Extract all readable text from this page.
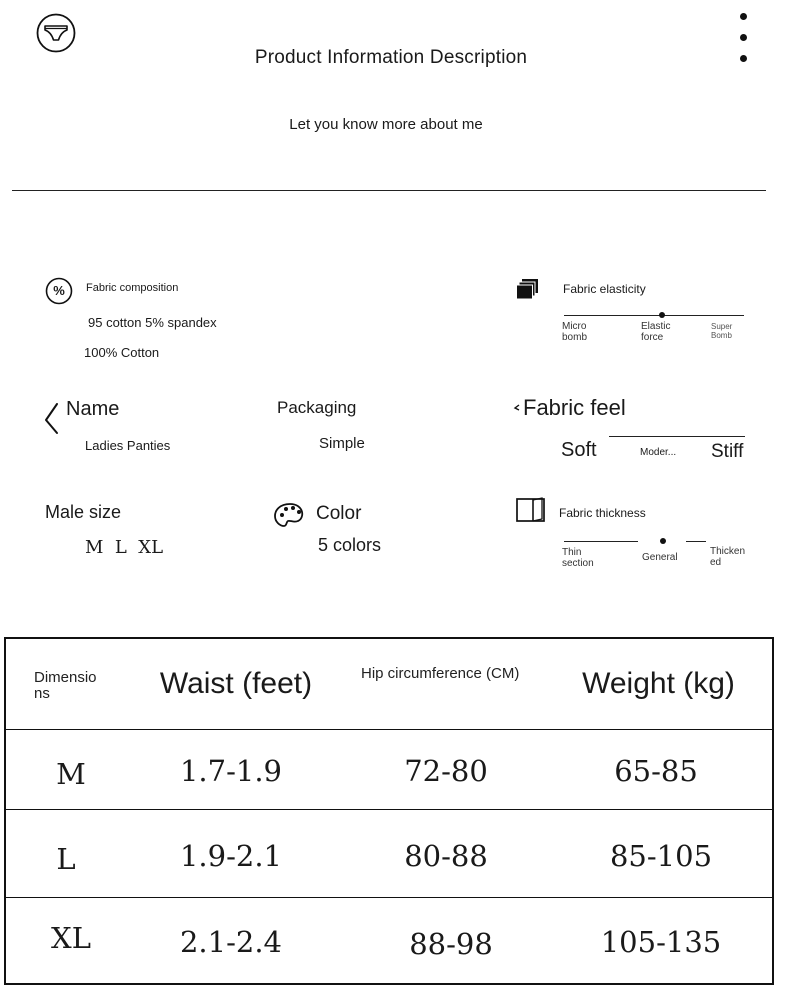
Product Information Description
Let you know more about me
%	Fabric composition
95 cotton 5% spandex
100% Cotton
Fabric elasticity
Micro bomb
Elastic force
Super Bomb
Name
Ladies Panties
Packaging
Simple
Fabric feel
Soft	Moder... Stiff
Male size
M  L  XL
Color
5 colors
Fabric thickness
Thin section
General
Thicken ed
Dimensio ns	Waist (feet)	Hip circumference (CM)	Weight (kg)
M	1.7-1.9	72-80	65-85
L	1.9-2.1	80-88	85-105
XL	2.1-2.4	88-98	105-135
